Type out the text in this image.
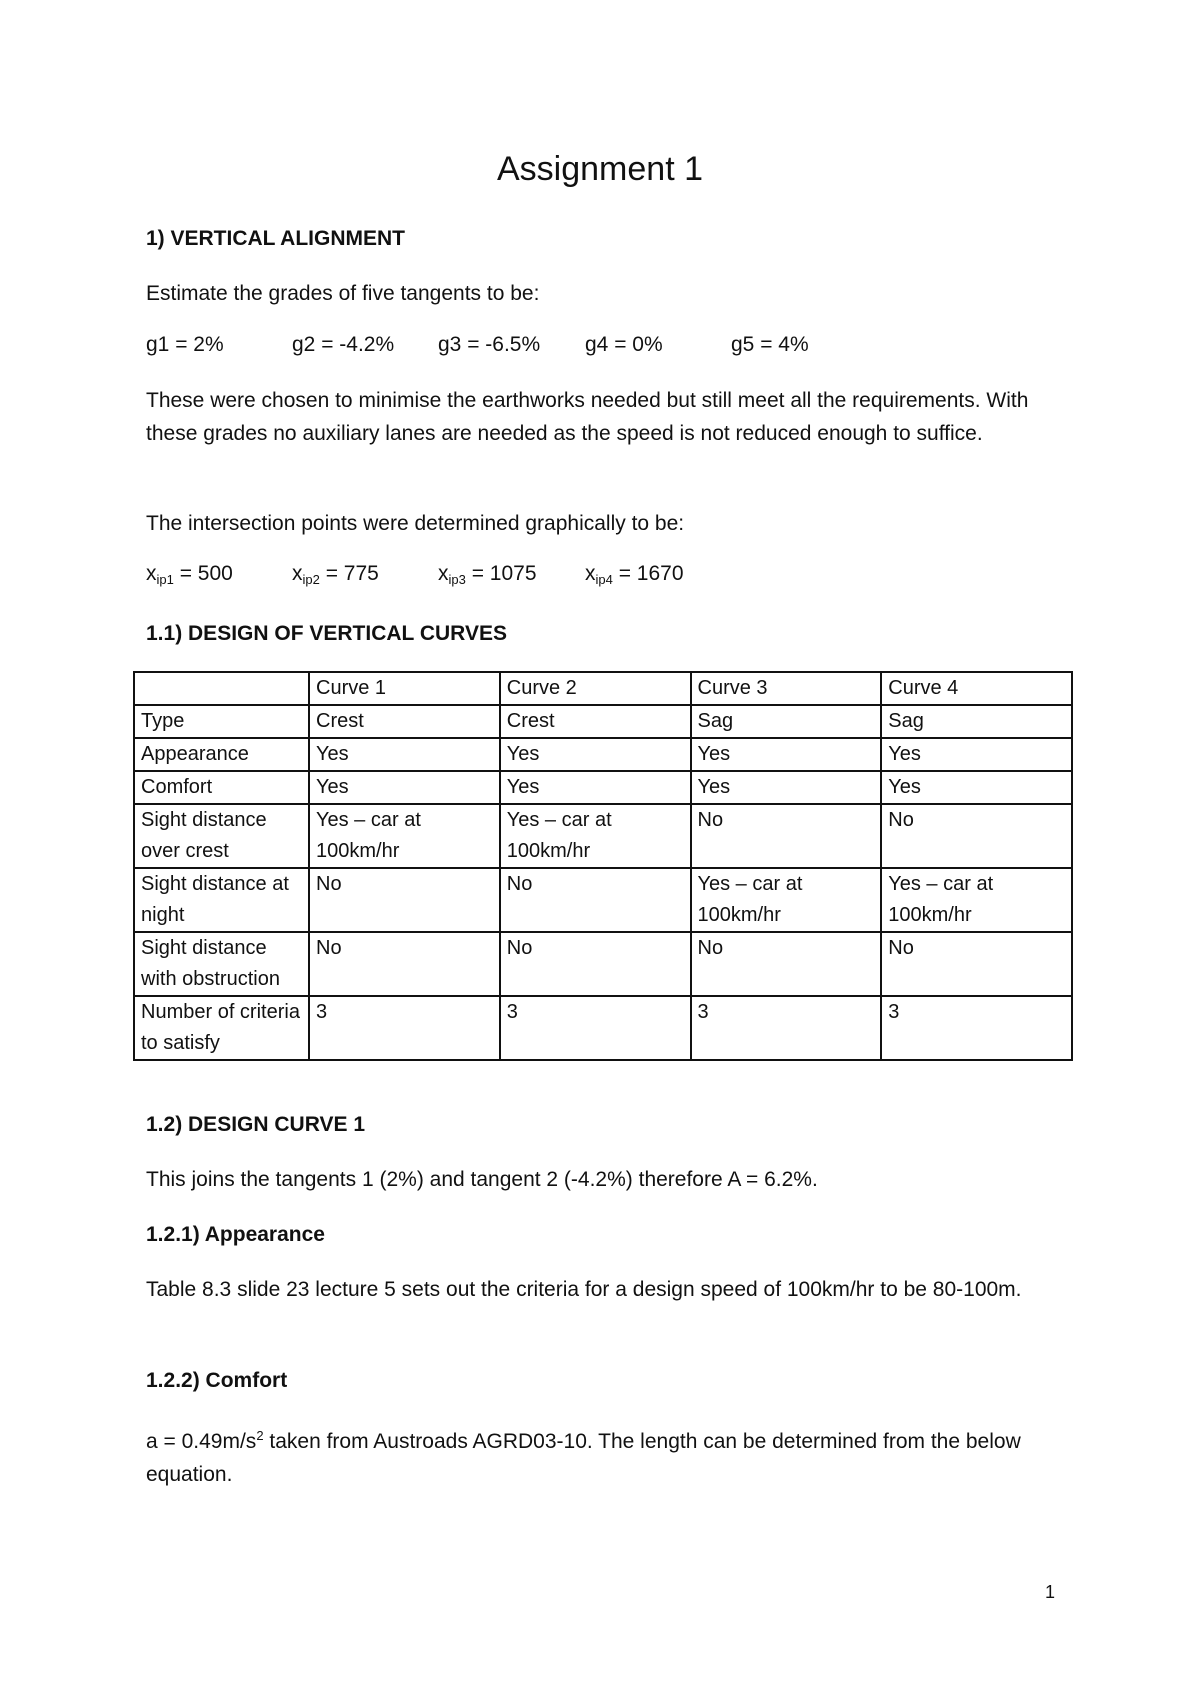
Assignment 1

1) VERTICAL ALIGNMENT

Estimate the grades of five tangents to be:

g1 = 2%	g2 = -4.2% g3 = -6.5% g4 = 0%	g5 = 4%

These were chosen to minimise the earthworks needed but still meet all the requirements. With these grades no auxiliary lanes are needed as the speed is not reduced enough to suffice.

The intersection points were determined graphically to be:

$x_{ip1} = 500$	$x_{ip2} = 775$	$x_{ip3} = 1075$ $x_{ip4} = 1670$

1.1) DESIGN OF VERTICAL CURVES

	Curve 1	Curve 2	Curve 3	Curve 4
Type	Crest	Crest	Sag	Sag
Appearance	Yes	Yes	Yes	Yes
Comfort	Yes	Yes	Yes	Yes
Sight distance over crest	Yes – car at 100km/hr	Yes – car at 100km/hr	No	No
Sight distance at night	No	No	Yes – car at 100km/hr	Yes – car at 100km/hr
Sight distance with obstruction	No	No	No	No
Number of criteria to satisfy	3	3	3	3

1.2) DESIGN CURVE 1

This joins the tangents 1 (2%) and tangent 2 (-4.2%) therefore A = 6.2%.

1.2.1) Appearance

Table 8.3 slide 23 lecture 5 sets out the criteria for a design speed of 100km/hr to be 80-100m.

1.2.2) Comfort

$a = 0.49m/s^2$ taken from Austroads AGRD03-10. The length can be determined from the below equation.

1
